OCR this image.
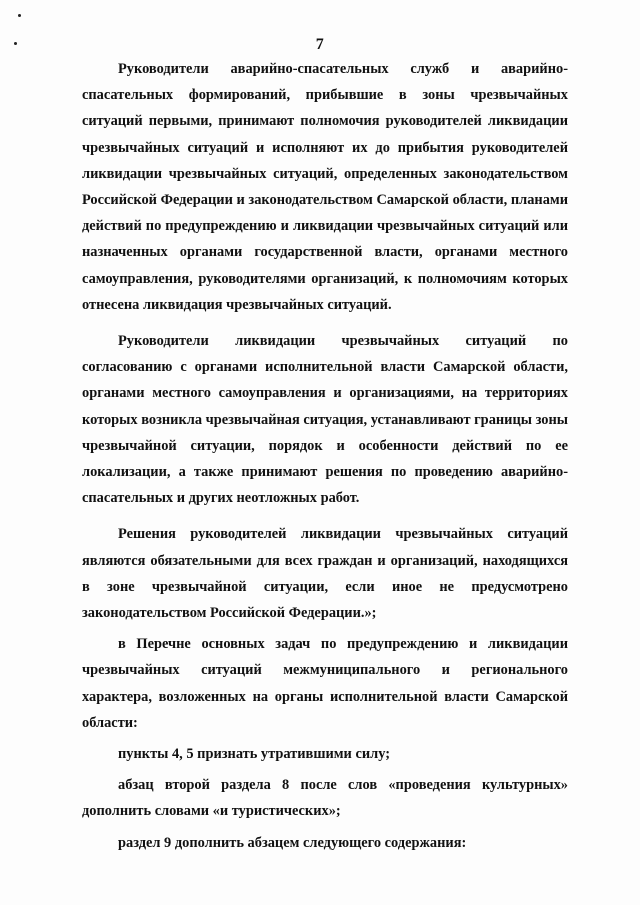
7

Руководители аварийно-спасательных служб и аварийно-спасательных формирований, прибывшие в зоны чрезвычайных ситуаций первыми, принимают полномочия руководителей ликвидации чрезвычайных ситуаций и исполняют их до прибытия руководителей ликвидации чрезвычайных ситуаций, определенных законодательством Российской Федерации и законодательством Самарской области, планами действий по предупреждению и ликвидации чрезвычайных ситуаций или назначенных органами государственной власти, органами местного самоуправления, руководителями организаций, к полномочиям которых отнесена ликвидация чрезвычайных ситуаций.

Руководители ликвидации чрезвычайных ситуаций по согласованию с органами исполнительной власти Самарской области, органами местного самоуправления и организациями, на территориях которых возникла чрезвычайная ситуация, устанавливают границы зоны чрезвычайной ситуации, порядок и особенности действий по ее локализации, а также принимают решения по проведению аварийно-спасательных и других неотложных работ.

Решения руководителей ликвидации чрезвычайных ситуаций являются обязательными для всех граждан и организаций, находящихся в зоне чрезвычайной ситуации, если иное не предусмотрено законодательством Российской Федерации.»;

в Перечне основных задач по предупреждению и ликвидации чрезвычайных ситуаций межмуниципального и регионального характера, возложенных на органы исполнительной власти Самарской области:

пункты 4, 5 признать утратившими силу;

абзац второй раздела 8 после слов «проведения культурных» дополнить словами «и туристических»;

раздел 9 дополнить абзацем следующего содержания:
